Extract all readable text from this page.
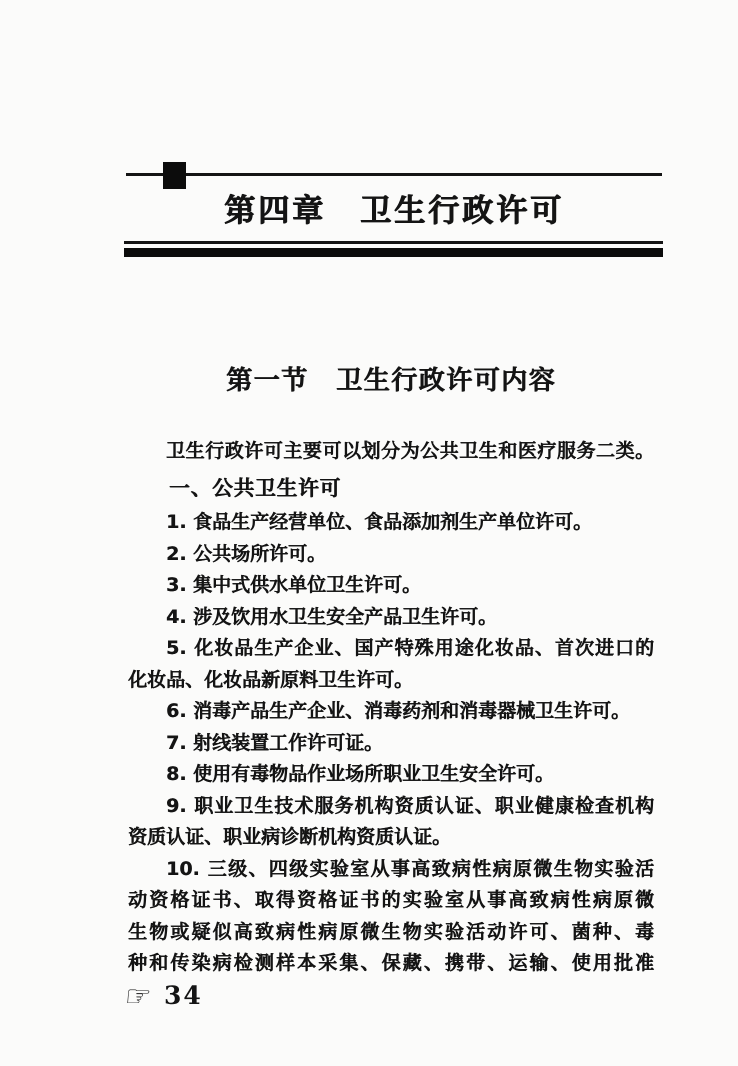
第四章　卫生行政许可
第一节　卫生行政许可内容
卫生行政许可主要可以划分为公共卫生和医疗服务二类。
一、公共卫生许可
1. 食品生产经营单位、食品添加剂生产单位许可。
2. 公共场所许可。
3. 集中式供水单位卫生许可。
4. 涉及饮用水卫生安全产品卫生许可。
5. 化妆品生产企业、国产特殊用途化妆品、首次进口的
化妆品、化妆品新原料卫生许可。
6. 消毒产品生产企业、消毒药剂和消毒器械卫生许可。
7. 射线装置工作许可证。
8. 使用有毒物品作业场所职业卫生安全许可。
9. 职业卫生技术服务机构资质认证、职业健康检查机构
资质认证、职业病诊断机构资质认证。
10. 三级、四级实验室从事高致病性病原微生物实验活
动资格证书、取得资格证书的实验室从事高致病性病原微
生物或疑似高致病性病原微生物实验活动许可、菌种、毒
种和传染病检测样本采集、保藏、携带、运输、使用批准
☞ 34
